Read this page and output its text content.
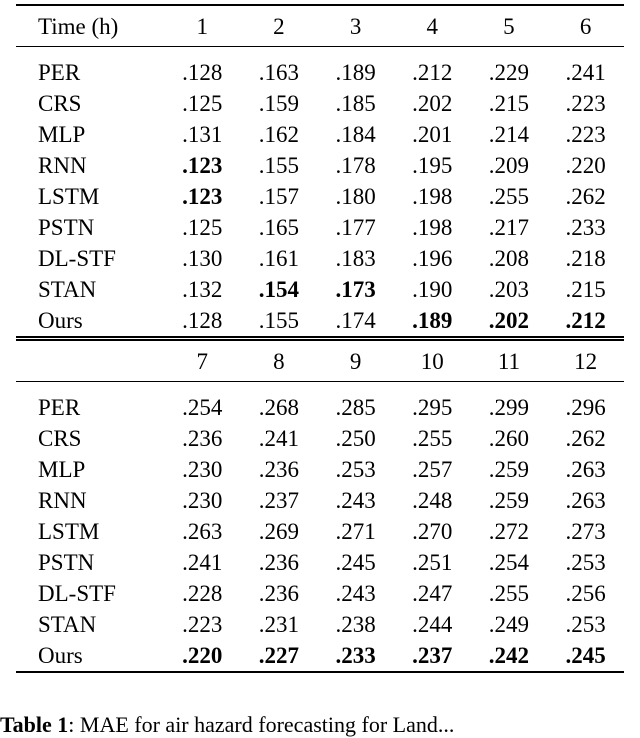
Time (h)	1	2	3	4	5	6

PER	.128	.163	.189	.212	.229	.241
CRS	.125	.159	.185	.202	.215	.223
MLP	.131	.162	.184	.201	.214	.223
RNN	.123	.155	.178	.195	.209	.220
LSTM	.123	.157	.180	.198	.255	.262
PSTN	.125	.165	.177	.198	.217	.233
DL-STF	.130	.161	.183	.196	.208	.218
STAN	.132	.154	.173	.190	.203	.215
Ours	.128	.155	.174	.189	.202	.212
	7	8	9	10	11	12

PER	.254	.268	.285	.295	.299	.296
CRS	.236	.241	.250	.255	.260	.262
MLP	.230	.236	.253	.257	.259	.263
RNN	.230	.237	.243	.248	.259	.263
LSTM	.263	.269	.271	.270	.272	.273
PSTN	.241	.236	.245	.251	.254	.253
DL-STF	.228	.236	.243	.247	.255	.256
STAN	.223	.231	.238	.244	.249	.253
Ours	.220	.227	.233	.237	.242	.245
Table 1: MAE for air hazard forecasting for Land...
